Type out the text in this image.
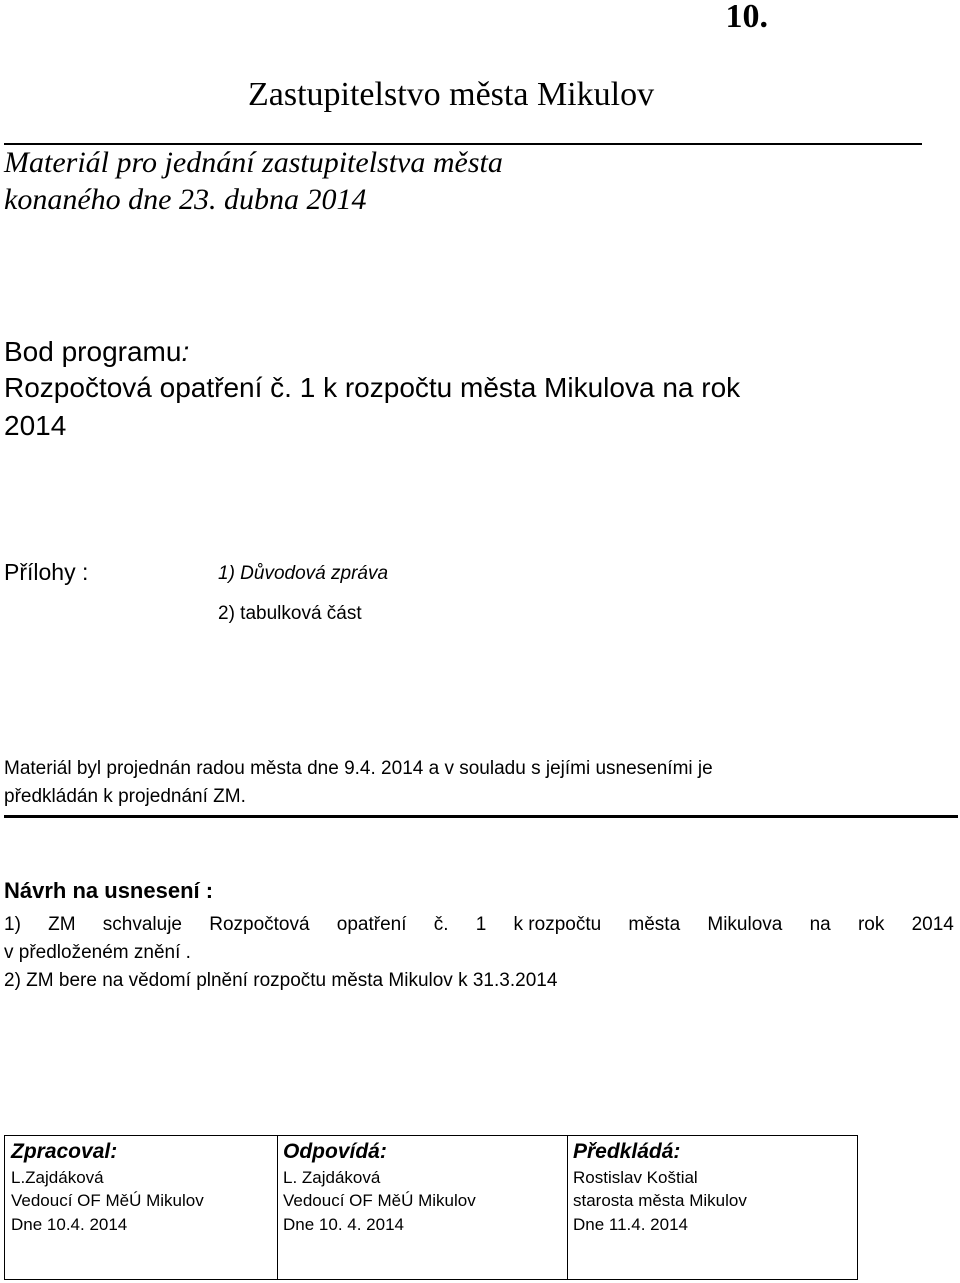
10.
Zastupitelstvo města Mikulov
Materiál pro jednání zastupitelstva města
konaného dne 23. dubna 2014
Bod programu:
Rozpočtová opatření č. 1 k rozpočtu města Mikulova na rok
2014
Přílohy :	1) Důvodová zpráva
2) tabulková část
Materiál byl projednán radou města dne 9.4. 2014 a v souladu s jejími usneseními je
předkládán k projednání ZM.
Návrh na usnesení :
1) ZM schvaluje Rozpočtová opatření č. 1 k rozpočtu města Mikulova na rok 2014
v předloženém znění .
2) ZM bere na vědomí plnění rozpočtu města Mikulov k 31.3.2014
Zpracoval:
L.Zajdáková
Vedoucí OF MěÚ Mikulov
Dne 10.4. 2014
Odpovídá:
L. Zajdáková
Vedoucí OF MěÚ Mikulov
Dne 10. 4. 2014
Předkládá:
Rostislav Koštial
starosta města Mikulov
Dne 11.4. 2014
